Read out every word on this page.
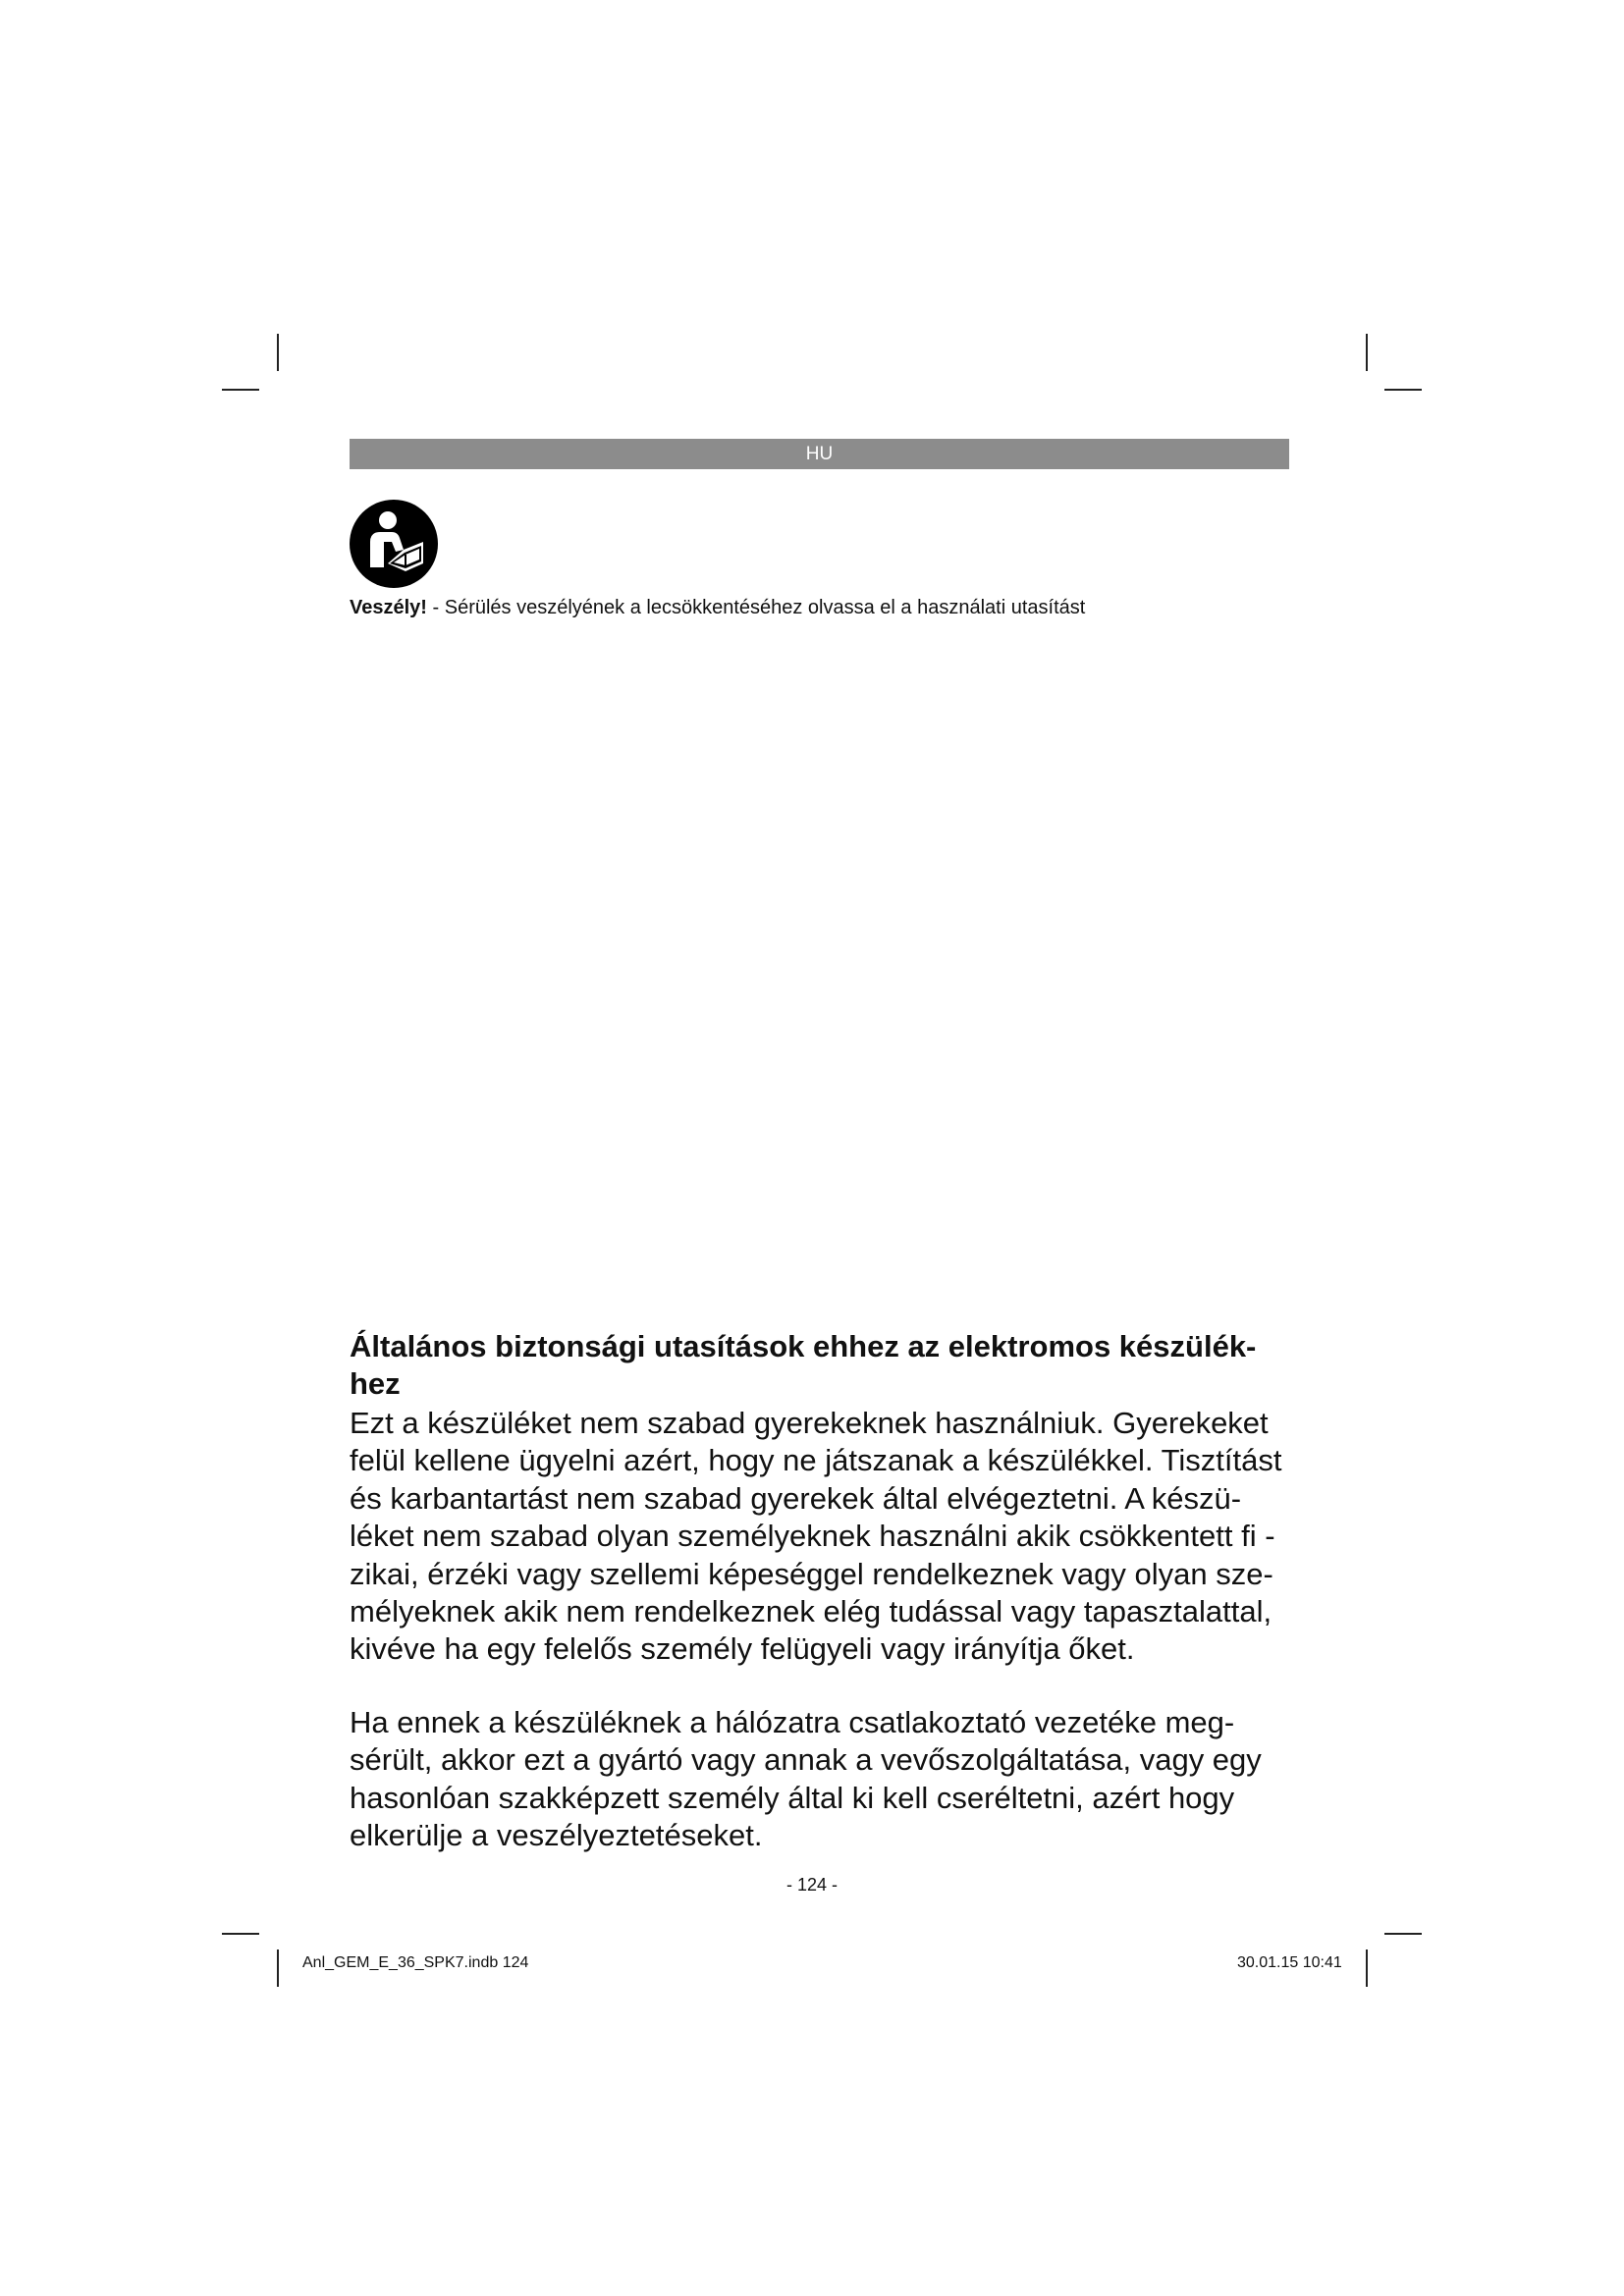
HU
Veszély! - Sérülés veszélyének a lecsökkentéséhez olvassa el a használati utasítást
Általános biztonsági utasítások ehhez az elektromos készülék-
hez

Ezt a készüléket nem szabad gyerekeknek használniuk. Gyerekeket
felül kellene ügyelni azért, hogy ne játszanak a készülékkel. Tisztítást
és karbantartást nem szabad gyerekek által elvégeztetni. A készü-
léket nem szabad olyan személyeknek használni akik csökkentett fi -
zikai, érzéki vagy szellemi képeséggel rendelkeznek vagy olyan sze-
mélyeknek akik nem rendelkeznek elég tudással vagy tapasztalattal,
kivéve ha egy felelős személy felügyeli vagy irányítja őket.

Ha ennek a készüléknek a hálózatra csatlakoztató vezetéke meg-
sérült, akkor ezt a gyártó vagy annak a vevőszolgáltatása, vagy egy
hasonlóan szakképzett személy által ki kell cseréltetni, azért hogy
elkerülje a veszélyeztetéseket.

- 124 -
Anl_GEM_E_36_SPK7.indb 124	30.01.15 10:41
